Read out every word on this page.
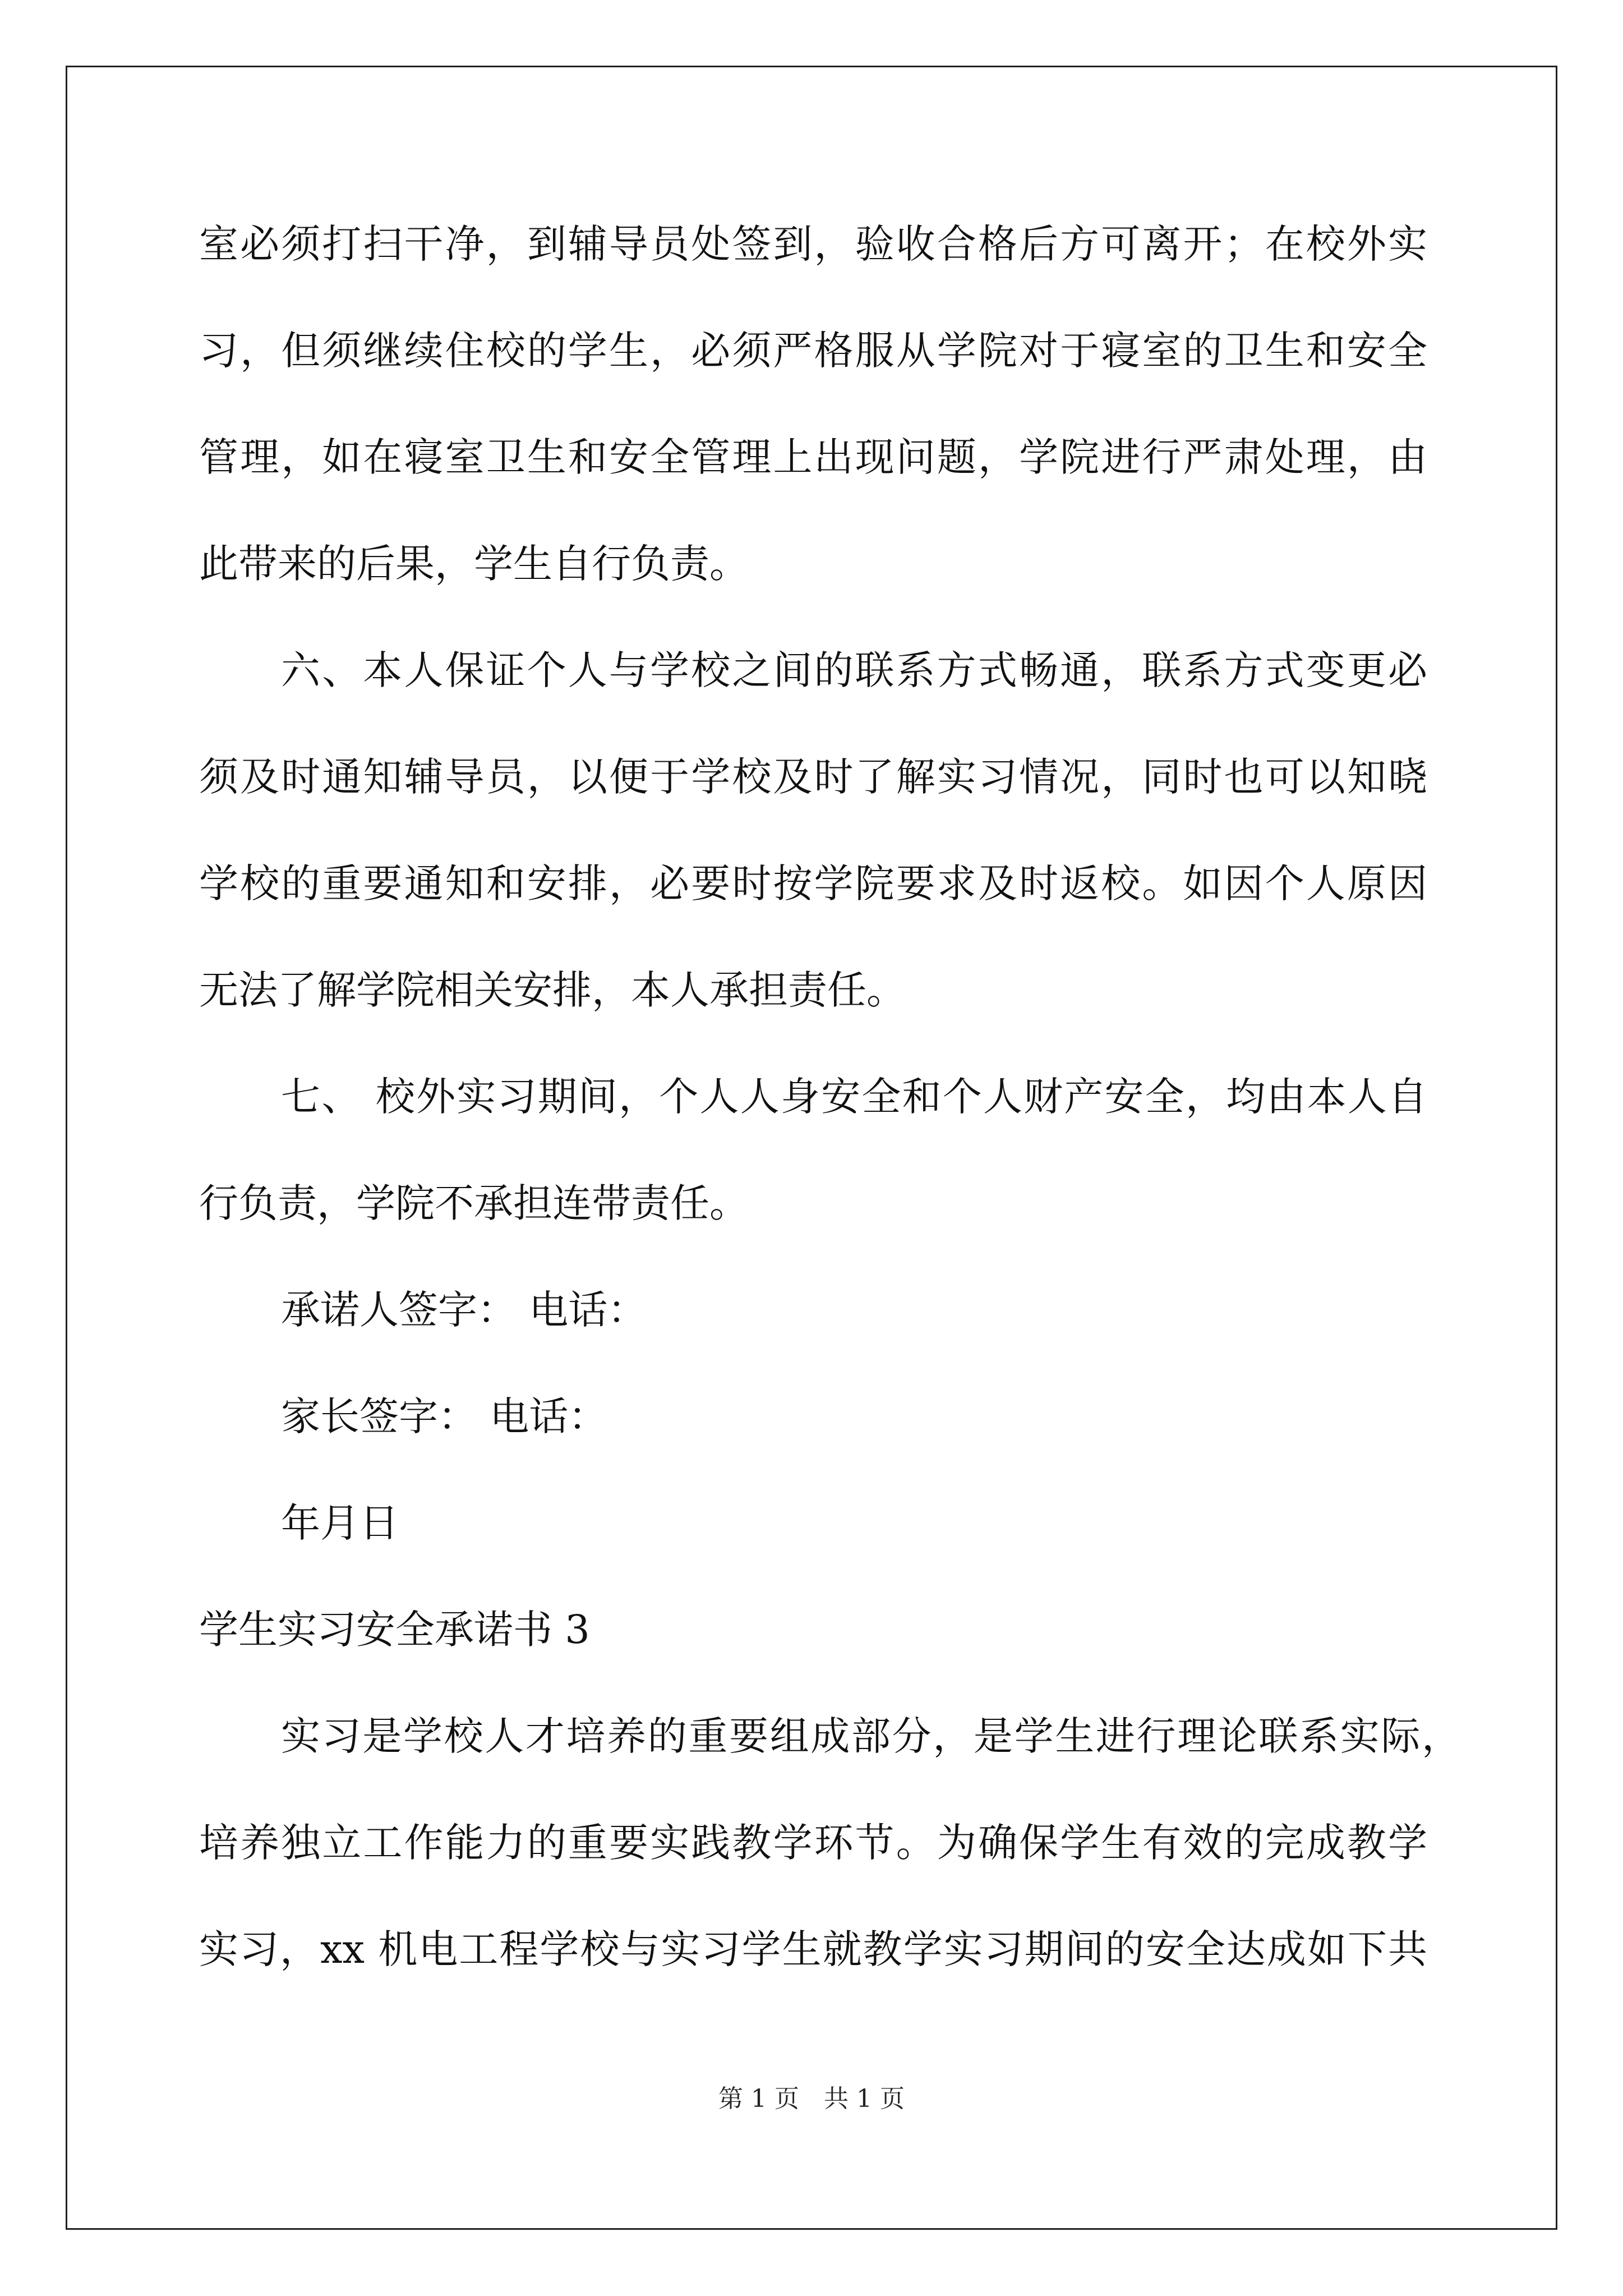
室必须打扫干净，到辅导员处签到，验收合格后方可离开；在校外实
习，但须继续住校的学生，必须严格服从学院对于寝室的卫生和安全
管理，如在寝室卫生和安全管理上出现问题，学院进行严肃处理，由
此带来的后果，学生自行负责。
六、本人保证个人与学校之间的联系方式畅通，联系方式变更必
须及时通知辅导员，以便于学校及时了解实习情况，同时也可以知晓
学校的重要通知和安排，必要时按学院要求及时返校。如因个人原因
无法了解学院相关安排，本人承担责任。
七、 校外实习期间，个人人身安全和个人财产安全，均由本人自
行负责，学院不承担连带责任。
承诺人签字： 电话：
家长签字： 电话：
年月日
学生实习安全承诺书 3
实习是学校人才培养的重要组成部分，是学生进行理论联系实际，
培养独立工作能力的重要实践教学环节。为确保学生有效的完成教学
实习，xx 机电工程学校与实习学生就教学实习期间的安全达成如下共
第 1 页　共 1 页
